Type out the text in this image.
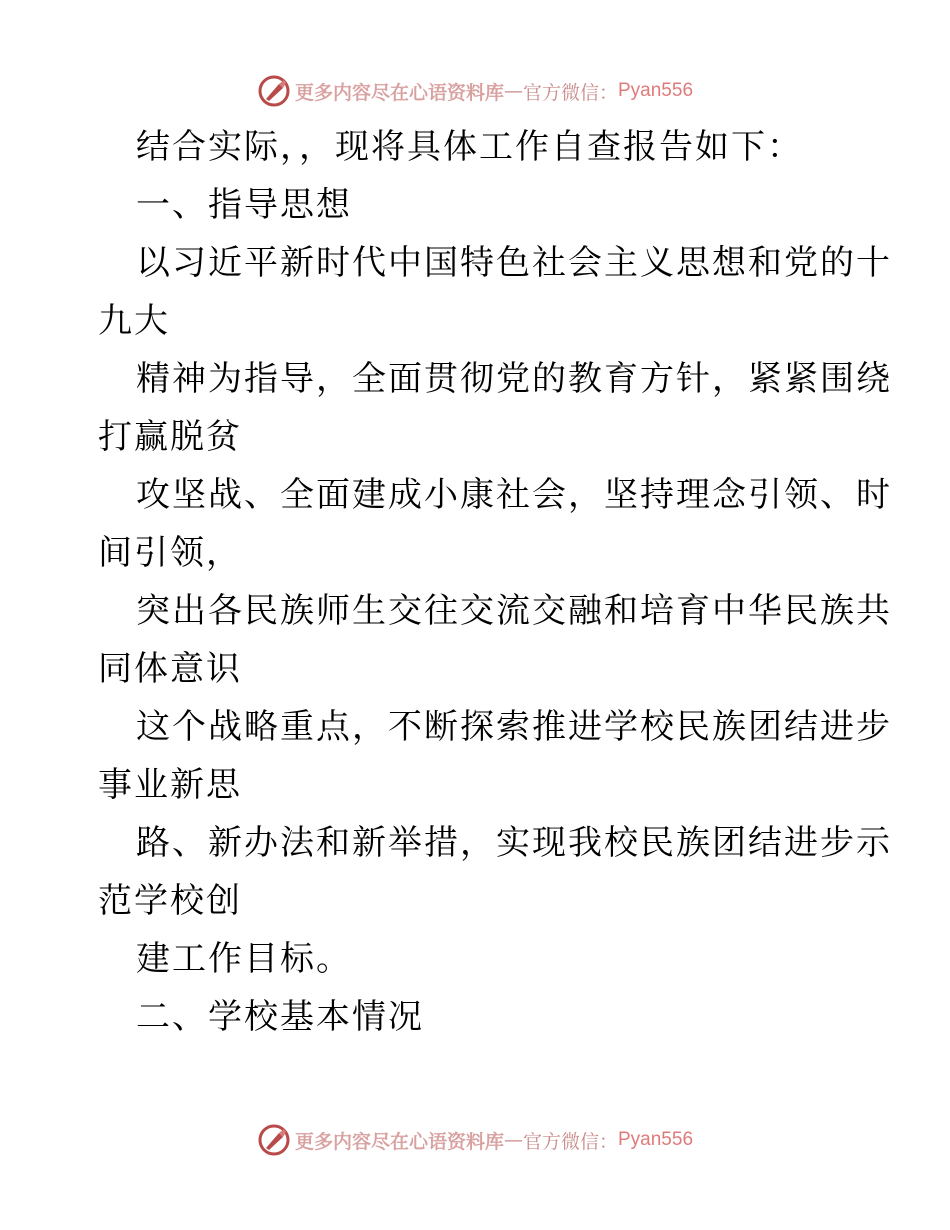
更多内容尽在心语资料库 — 官方微信： Pyan556
结合实际，，现将具体工作自查报告如下：
一、指导思想
以习近平新时代中国特色社会主义思想和党的十
九大
精神为指导，全面贯彻党的教育方针，紧紧围绕
打赢脱贫
攻坚战、全面建成小康社会，坚持理念引领、时
间引领，
突出各民族师生交往交流交融和培育中华民族共
同体意识
这个战略重点，不断探索推进学校民族团结进步
事业新思
路、新办法和新举措，实现我校民族团结进步示
范学校创
建工作目标。
二、学校基本情况
更多内容尽在心语资料库 — 官方微信： Pyan556
